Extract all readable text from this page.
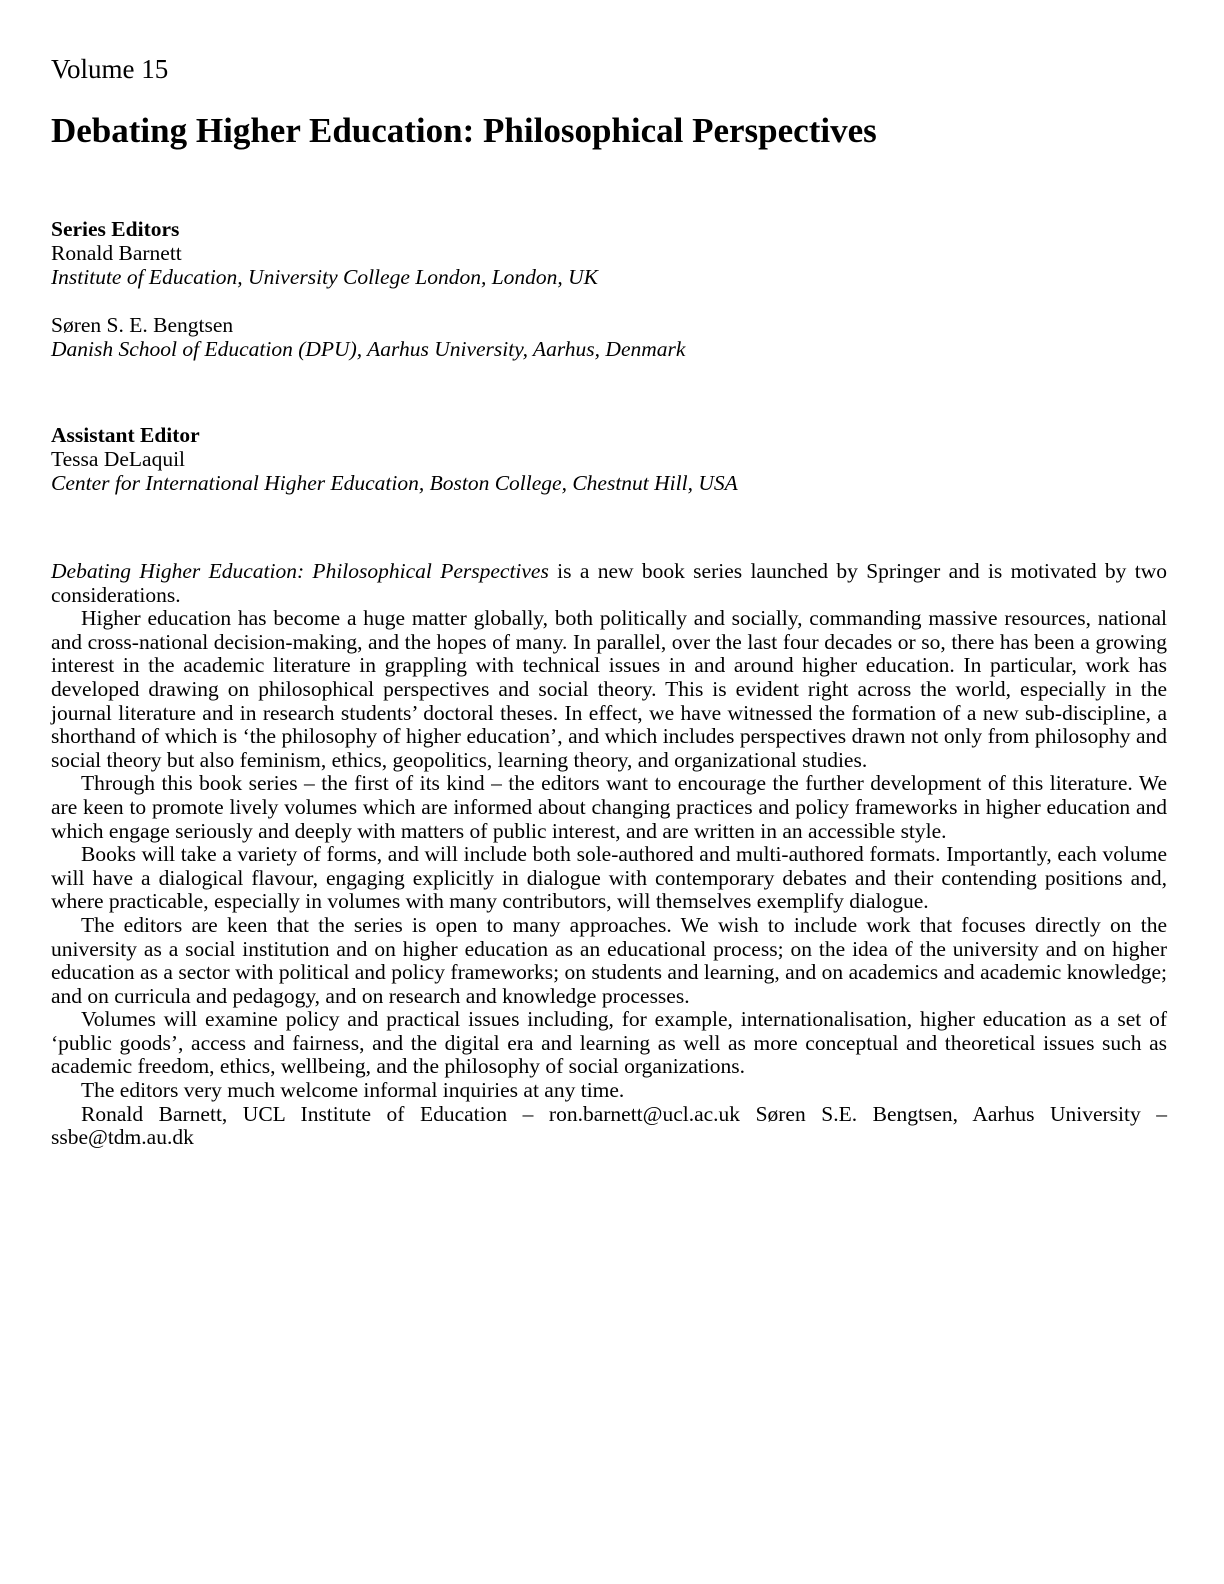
Volume 15
Debating Higher Education: Philosophical Perspectives
Series Editors
Ronald Barnett
Institute of Education, University College London, London, UK
Søren S. E. Bengtsen
Danish School of Education (DPU), Aarhus University, Aarhus, Denmark
Assistant Editor
Tessa DeLaquil
Center for International Higher Education, Boston College, Chestnut Hill, USA

Debating Higher Education: Philosophical Perspectives is a new book series launched by Springer and is motivated by two considerations.

Higher education has become a huge matter globally, both politically and socially, commanding massive resources, national and cross-national decision-making, and the hopes of many. In parallel, over the last four decades or so, there has been a growing interest in the academic literature in grappling with technical issues in and around higher education. In particular, work has developed drawing on philosophical perspectives and social theory. This is evident right across the world, especially in the journal literature and in research students’ doctoral theses. In effect, we have witnessed the formation of a new sub-discipline, a shorthand of which is ‘the philosophy of higher education’, and which includes perspectives drawn not only from philosophy and social theory but also feminism, ethics, geopolitics, learning theory, and organizational studies.

Through this book series – the first of its kind – the editors want to encourage the further development of this literature. We are keen to promote lively volumes which are informed about changing practices and policy frameworks in higher education and which engage seriously and deeply with matters of public interest, and are written in an accessible style.

Books will take a variety of forms, and will include both sole-authored and multi-authored formats. Importantly, each volume will have a dialogical flavour, engaging explicitly in dialogue with contemporary debates and their contending positions and, where practicable, especially in volumes with many contributors, will themselves exemplify dialogue.

The editors are keen that the series is open to many approaches. We wish to include work that focuses directly on the university as a social institution and on higher education as an educational process; on the idea of the university and on higher education as a sector with political and policy frameworks; on students and learning, and on academics and academic knowledge; and on curricula and pedagogy, and on research and knowledge processes.

Volumes will examine policy and practical issues including, for example, internationalisation, higher education as a set of ‘public goods’, access and fairness, and the digital era and learning as well as more conceptual and theoretical issues such as academic freedom, ethics, wellbeing, and the philosophy of social organizations.

The editors very much welcome informal inquiries at any time.

Ronald Barnett, UCL Institute of Education – ron.barnett@ucl.ac.uk Søren S.E. Bengtsen, Aarhus University – ssbe@tdm.au.dk
